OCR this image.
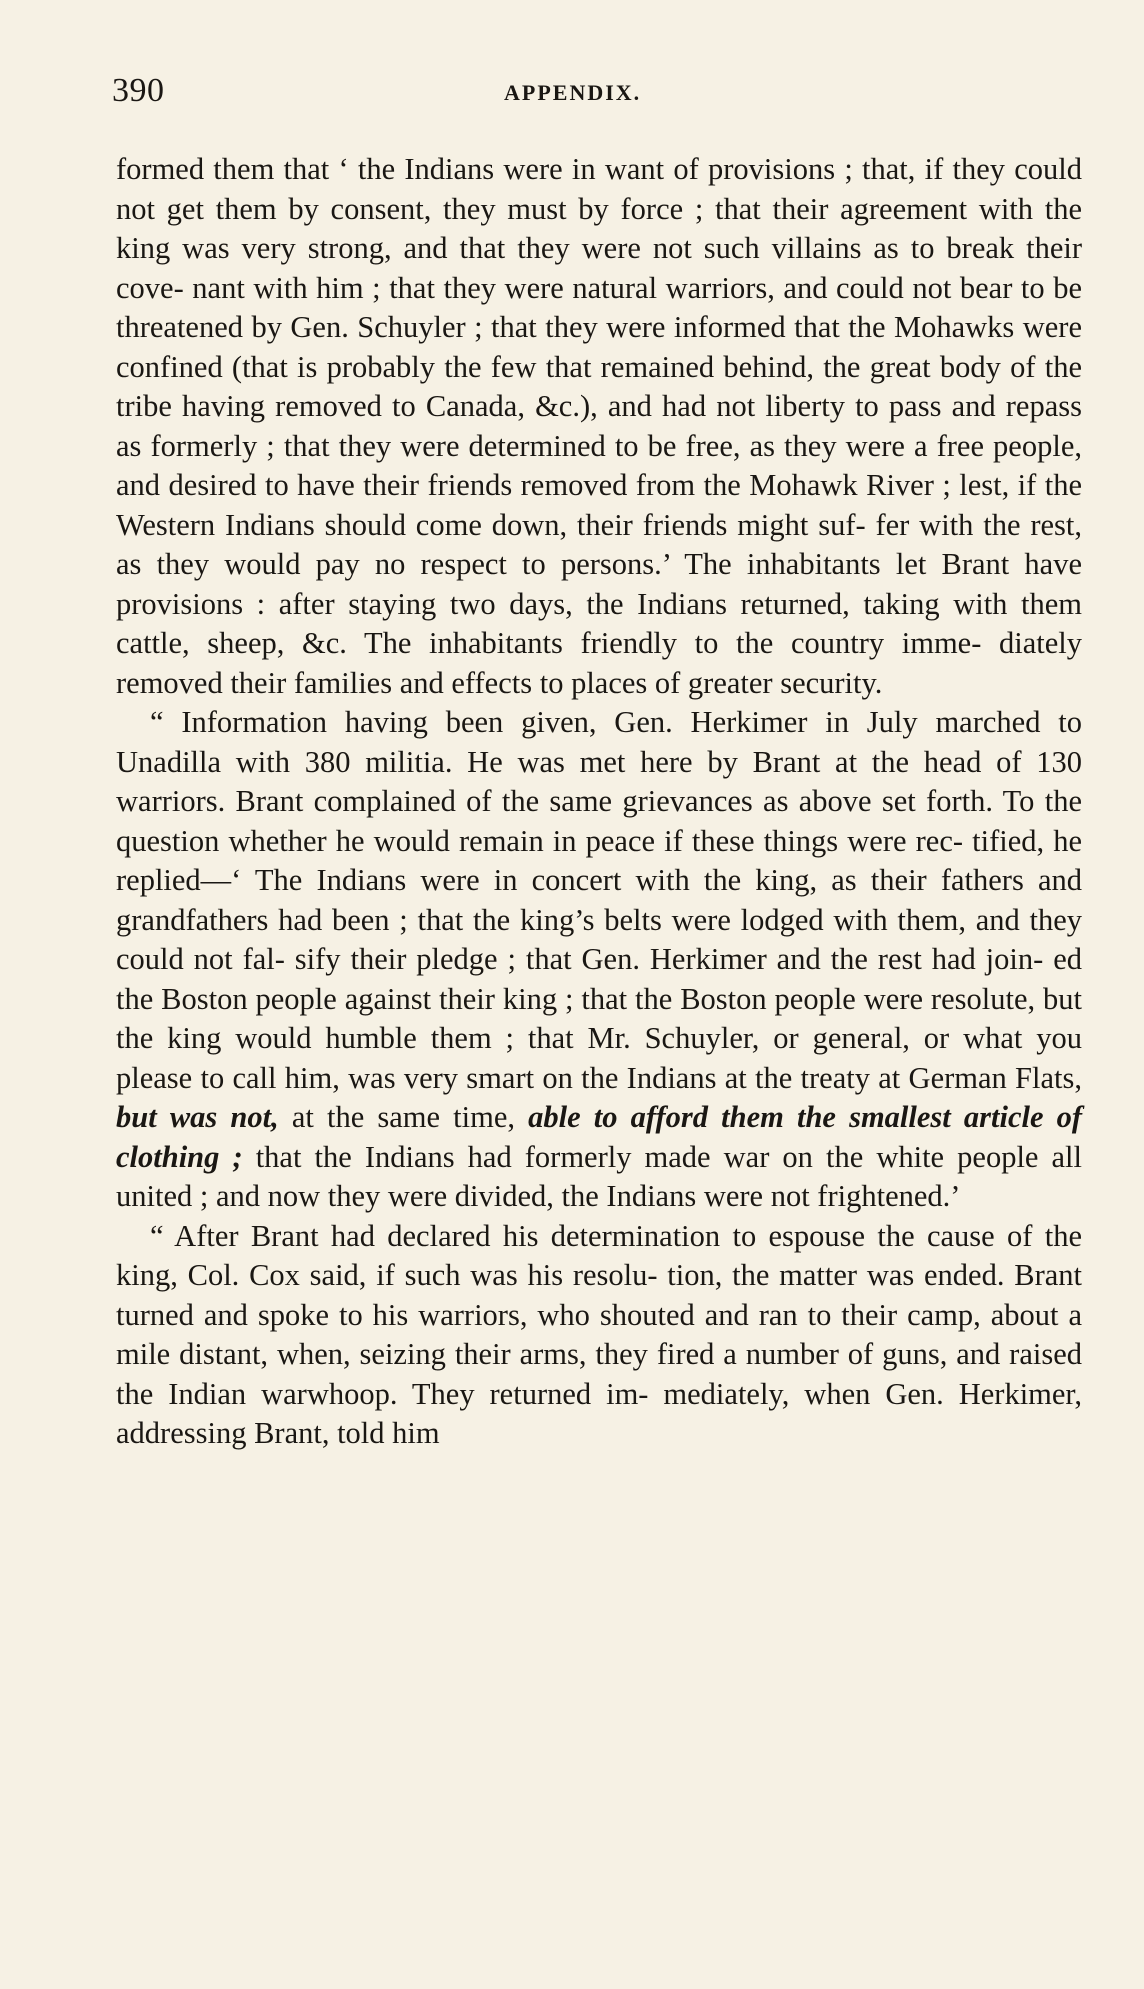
390	APPENDIX.

formed them that ‘ the Indians were in want of provisions ; that, if they could not get them by consent, they must by force ; that their agreement with the king was very strong, and that they were not such villains as to break their cove- nant with him ; that they were natural warriors, and could not bear to be threatened by Gen. Schuyler ; that they were informed that the Mohawks were confined (that is probably the few that remained behind, the great body of the tribe having removed to Canada, &c.), and had not liberty to pass and repass as formerly ; that they were determined to be free, as they were a free people, and desired to have their friends removed from the Mohawk River ; lest, if the Western Indians should come down, their friends might suf- fer with the rest, as they would pay no respect to persons.’ The inhabitants let Brant have provisions : after staying two days, the Indians returned, taking with them cattle, sheep, &c. The inhabitants friendly to the country imme- diately removed their families and effects to places of greater security.

“ Information having been given, Gen. Herkimer in July marched to Unadilla with 380 militia. He was met here by Brant at the head of 130 warriors. Brant complained of the same grievances as above set forth. To the question whether he would remain in peace if these things were rec- tified, he replied—‘ The Indians were in concert with the king, as their fathers and grandfathers had been ; that the king’s belts were lodged with them, and they could not fal- sify their pledge ; that Gen. Herkimer and the rest had join- ed the Boston people against their king ; that the Boston people were resolute, but the king would humble them ; that Mr. Schuyler, or general, or what you please to call him, was very smart on the Indians at the treaty at German Flats, but was not, at the same time, able to afford them the smallest article of clothing ; that the Indians had formerly made war on the white people all united ; and now they were divided, the Indians were not frightened.’

“ After Brant had declared his determination to espouse the cause of the king, Col. Cox said, if such was his resolu- tion, the matter was ended. Brant turned and spoke to his warriors, who shouted and ran to their camp, about a mile distant, when, seizing their arms, they fired a number of guns, and raised the Indian warwhoop. They returned im- mediately, when Gen. Herkimer, addressing Brant, told him
